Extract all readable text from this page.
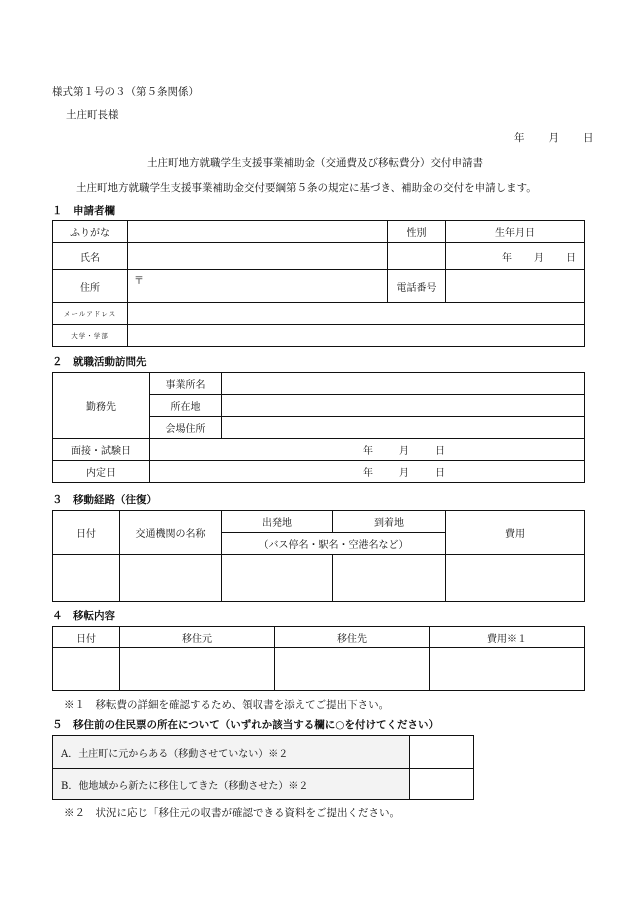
様式第１号の３（第５条関係）
土庄町長様
年 月 日
土庄町地方就職学生支援事業補助金（交通費及び移転費分）交付申請書
土庄町地方就職学生支援事業補助金交付要綱第５条の規定に基づき、補助金の交付を申請します。
１　申請者欄
ふりがな		性別	生年月日
氏名			年 月 日
住所	〒	電話番号	
メールアドレス			
大学・学部			
２　就職活動訪問先
勤務先	事業所名	
	所在地	
	会場住所	
面接・試験日	年 月 日	
内定日	年 月 日	
３　移動経路（往復）
日付	交通機関の名称	出発地	到着地	費用
		（バス停名・駅名・空港名など）		

４　移転内容
日付	移住元	移住先	費用※１

※１　移転費の詳細を確認するため、領収書を添えてご提出下さい。
５　移住前の住民票の所在について（いずれか該当する欄に○を付けてください）
A．土庄町に元からある（移動させていない）※２	
B．他地域から新たに移住してきた（移動させた）※２	
※２　状況に応じ「移住元の収書が確認できる資料をご提出ください。
